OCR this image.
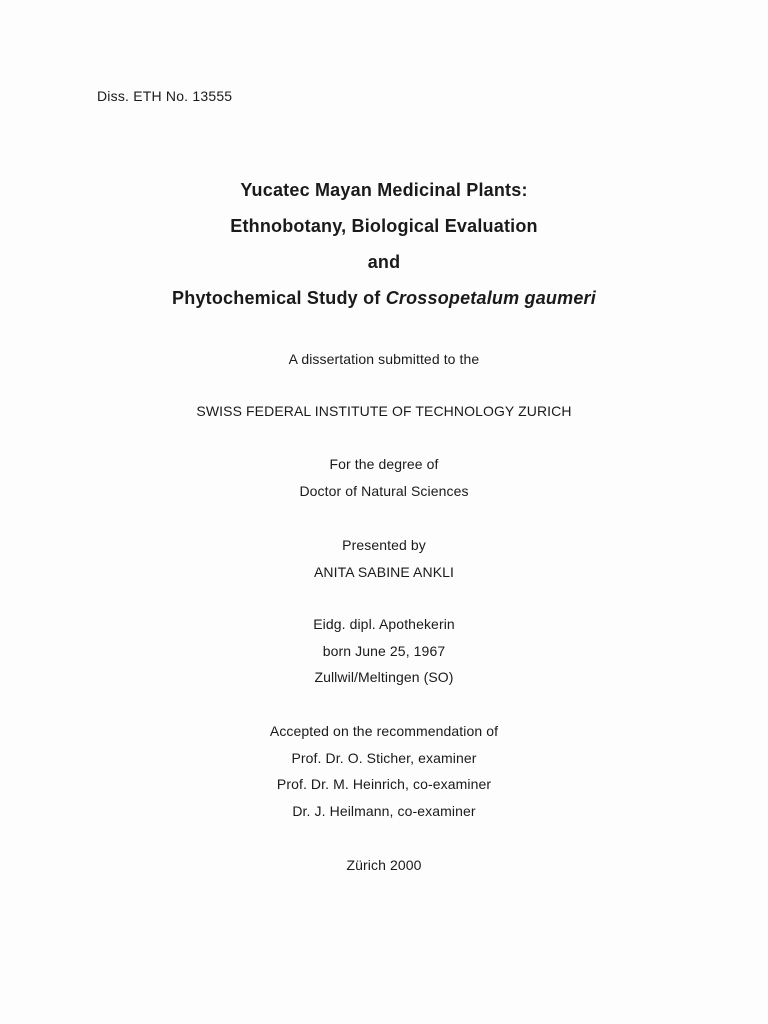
Diss. ETH No. 13555
Yucatec Mayan Medicinal Plants:
Ethnobotany, Biological Evaluation
and
Phytochemical Study of Crossopetalum gaumeri
A dissertation submitted to the
SWISS FEDERAL INSTITUTE OF TECHNOLOGY ZURICH
For the degree of
Doctor of Natural Sciences
Presented by
ANITA SABINE ANKLI
Eidg. dipl. Apothekerin
born June 25, 1967
Zullwil/Meltingen (SO)
Accepted on the recommendation of
Prof. Dr. O. Sticher, examiner
Prof. Dr. M. Heinrich, co-examiner
Dr. J. Heilmann, co-examiner
Zürich 2000
